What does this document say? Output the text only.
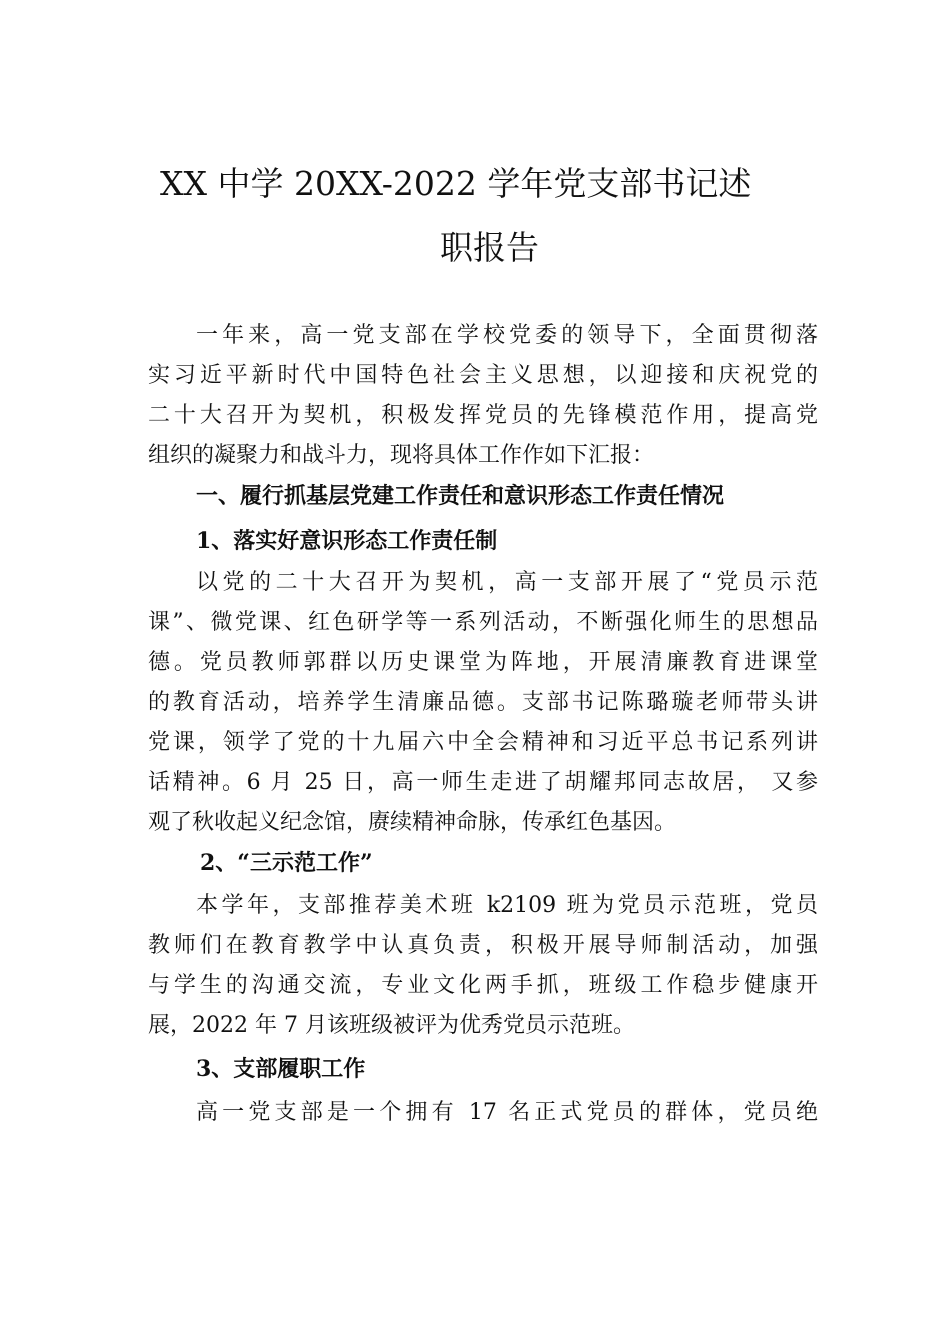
XX 中学 20XX-2022 学年党支部书记述
职报告
一年来，高一党支部在学校党委的领导下，全面贯彻落
实习近平新时代中国特色社会主义思想，以迎接和庆祝党的
二十大召开为契机，积极发挥党员的先锋模范作用，提高党
组织的凝聚力和战斗力，现将具体工作作如下汇报：
一、履行抓基层党建工作责任和意识形态工作责任情况
1、落实好意识形态工作责任制
以党的二十大召开为契机，高一支部开展了“党员示范
课”、微党课、红色研学等一系列活动，不断强化师生的思想品
德。党员教师郭群以历史课堂为阵地，开展清廉教育进课堂
的教育活动，培养学生清廉品德。支部书记陈璐璇老师带头讲
党课，领学了党的十九届六中全会精神和习近平总书记系列讲
话精神。6 月 25 日，高一师生走进了胡耀邦同志故居， 又参
观了秋收起义纪念馆，赓续精神命脉，传承红色基因。
2、“三示范工作”
本学年，支部推荐美术班 k2109 班为党员示范班，党员
教师们在教育教学中认真负责，积极开展导师制活动，加强
与学生的沟通交流，专业文化两手抓，班级工作稳步健康开
展，2022 年 7 月该班级被评为优秀党员示范班。
3、支部履职工作
高一党支部是一个拥有 17 名正式党员的群体，党员绝
